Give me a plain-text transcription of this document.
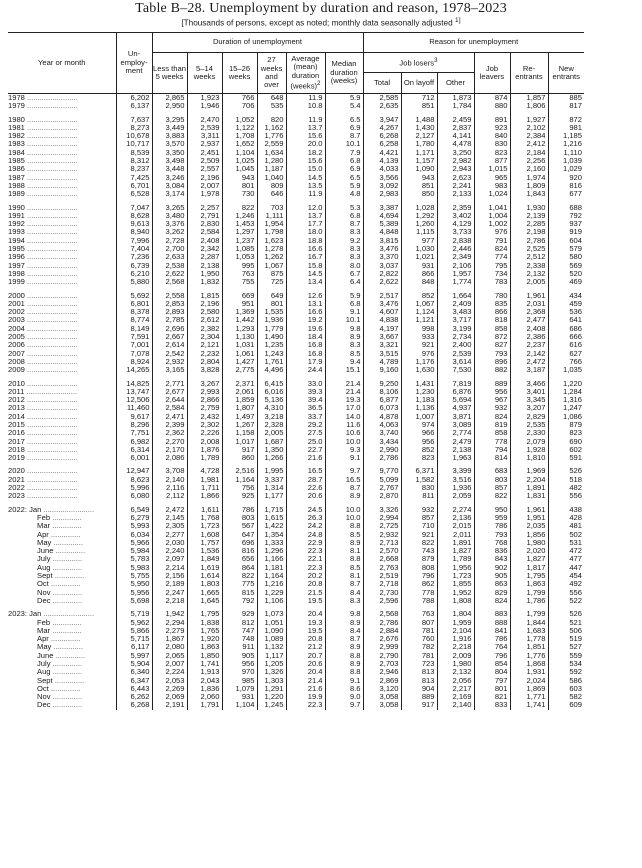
Table B–28. Unemployment by duration and reason, 1978–2023
[Thousands of persons, except as noted; monthly data seasonally adjusted $^{1]}$
Year or month	Un-employ-ment	Duration of unemployment						Reason for unemployment					
		Less than 5 weeks	5–14 weeks	15–26 weeks	27 weeks and over	Average (mean) duration (weeks)$^2$	Median duration (weeks)	Job losers$^3$			Job leavers	Re-entrants	New entrants
								Total	On layoff	Other			
1978 ........................	6,202	2,865	1,923	766	648	11.9	5.9	2,585	712	1,873	874	1,857	885
1979 ........................	6,137	2,950	1,946	706	535	10.8	5.4	2,635	851	1,784	880	1,806	817

1980 ........................	7,637	3,295	2,470	1,052	820	11.9	6.5	3,947	1,488	2,459	891	1,927	872
1981 ........................	8,273	3,449	2,539	1,122	1,162	13.7	6.9	4,267	1,430	2,837	923	2,102	981
1982 ........................	10,678	3,883	3,311	1,708	1,776	15.6	8.7	6,268	2,127	4,141	840	2,384	1,185
1983 ........................	10,717	3,570	2,937	1,652	2,559	20.0	10.1	6,258	1,780	4,478	830	2,412	1,216
1984 ........................	8,539	3,350	2,451	1,104	1,634	18.2	7.9	4,421	1,171	3,250	823	2,184	1,110
1985 ........................	8,312	3,498	2,509	1,025	1,280	15.6	6.8	4,139	1,157	2,982	877	2,256	1,039
1986 ........................	8,237	3,448	2,557	1,045	1,187	15.0	6.9	4,033	1,090	2,943	1,015	2,160	1,029
1987 ........................	7,425	3,246	2,196	943	1,040	14.5	6.5	3,566	943	2,623	965	1,974	920
1988 ........................	6,701	3,084	2,007	801	809	13.5	5.9	3,092	851	2,241	983	1,809	816
1989 ........................	6,528	3,174	1,978	730	646	11.9	4.8	2,983	850	2,133	1,024	1,843	677

1990 ........................	7,047	3,265	2,257	822	703	12.0	5.3	3,387	1,028	2,359	1,041	1,930	688
1991 ........................	8,628	3,480	2,791	1,246	1,111	13.7	6.8	4,694	1,292	3,402	1,004	2,139	792
1992 ........................	9,613	3,376	2,830	1,453	1,954	17.7	8.7	5,389	1,260	4,129	1,002	2,285	937
1993 ........................	8,940	3,262	2,584	1,297	1,798	18.0	8.3	4,848	1,115	3,733	976	2,198	919
1994 ........................	7,996	2,728	2,408	1,237	1,623	18.8	9.2	3,815	977	2,838	791	2,786	604
1995 ........................	7,404	2,700	2,342	1,085	1,278	16.6	8.3	3,476	1,030	2,446	824	2,525	579
1996 ........................	7,236	2,633	2,287	1,053	1,262	16.7	8.3	3,370	1,021	2,349	774	2,512	580
1997 ........................	6,739	2,538	2,138	995	1,067	15.8	8.0	3,037	931	2,106	795	2,338	569
1998 ........................	6,210	2,622	1,950	763	875	14.5	6.7	2,822	866	1,957	734	2,132	520
1999 ........................	5,880	2,568	1,832	755	725	13.4	6.4	2,622	848	1,774	783	2,005	469

2000 ........................	5,692	2,558	1,815	669	649	12.6	5.9	2,517	852	1,664	780	1,961	434
2001 ........................	6,801	2,853	2,196	951	801	13.1	6.8	3,476	1,067	2,409	835	2,031	459
2002 ........................	8,378	2,893	2,580	1,369	1,535	16.6	9.1	4,607	1,124	3,483	866	2,368	536
2003 ........................	8,774	2,785	2,612	1,442	1,936	19.2	10.1	4,838	1,121	3,717	818	2,477	641
2004 ........................	8,149	2,696	2,382	1,293	1,779	19.6	9.8	4,197	998	3,199	858	2,408	686
2005 ........................	7,591	2,667	2,304	1,130	1,490	18.4	8.9	3,667	933	2,734	872	2,386	666
2006 ........................	7,001	2,614	2,121	1,031	1,235	16.8	8.3	3,321	921	2,400	827	2,237	616
2007 ........................	7,078	2,542	2,232	1,061	1,243	16.8	8.5	3,515	976	2,539	793	2,142	627
2008 ........................	8,924	2,932	2,804	1,427	1,761	17.9	9.4	4,789	1,176	3,614	896	2,472	766
2009 ........................	14,265	3,165	3,828	2,775	4,496	24.4	15.1	9,160	1,630	7,530	882	3,187	1,035

2010 ........................	14,825	2,771	3,267	2,371	6,415	33.0	21.4	9,250	1,431	7,819	889	3,466	1,220
2011 ........................	13,747	2,677	2,993	2,061	6,016	39.3	21.4	8,106	1,230	6,876	956	3,401	1,284
2012 ........................	12,506	2,644	2,866	1,859	5,136	39.4	19.3	6,877	1,183	5,694	967	3,345	1,316
2013 ........................	11,460	2,584	2,759	1,807	4,310	36.5	17.0	6,073	1,136	4,937	932	3,207	1,247
2014 ........................	9,617	2,471	2,432	1,497	3,218	33.7	14.0	4,878	1,007	3,871	824	2,829	1,086
2015 ........................	8,296	2,399	2,302	1,267	2,328	29.2	11.6	4,063	974	3,089	819	2,535	879
2016 ........................	7,751	2,362	2,226	1,158	2,005	27.5	10.6	3,740	966	2,774	858	2,330	823
2017 ........................	6,982	2,270	2,008	1,017	1,687	25.0	10.0	3,434	956	2,479	778	2,079	690
2018 ........................	6,314	2,170	1,876	917	1,350	22.7	9.3	2,990	852	2,138	794	1,928	602
2019 ........................	6,001	2,086	1,789	860	1,266	21.6	9.1	2,786	823	1,963	814	1,810	591

2020 ........................	12,947	3,708	4,728	2,516	1,995	16.5	9.7	9,770	6,371	3,399	683	1,969	526
2021 ........................	8,623	2,140	1,981	1,164	3,337	28.7	16.5	5,099	1,582	3,516	803	2,204	518
2022 ........................	5,996	2,116	1,711	756	1,314	22.6	8.7	2,767	830	1,936	857	1,891	482
2023 ........................	6,080	2,112	1,866	925	1,177	20.6	8.9	2,870	811	2,059	822	1,831	556

2022: Jan ........................	6,549	2,472	1,611	786	1,715	24.5	10.0	3,326	932	2,274	950	1,961	438
Feb ..............	6,279	2,145	1,768	803	1,615	26.3	10.0	2,994	857	2,136	959	1,951	428
Mar ..............	5,993	2,305	1,723	567	1,422	24.2	8.8	2,725	710	2,015	786	2,035	481
Apr ..............	6,034	2,277	1,608	647	1,354	24.8	8.5	2,932	921	2,011	793	1,856	502
May ..............	5,966	2,030	1,757	696	1,333	22.9	8.9	2,713	822	1,891	768	1,980	531
June ..............	5,984	2,240	1,536	816	1,296	22.3	8.1	2,570	743	1,827	836	2,020	472
July ..............	5,783	2,097	1,849	656	1,166	22.1	8.8	2,668	879	1,789	843	1,827	477
Aug ..............	5,983	2,214	1,619	864	1,181	22.3	8.5	2,763	808	1,956	902	1,817	447
Sept ..............	5,755	2,156	1,614	822	1,164	20.2	8.1	2,519	796	1,723	905	1,795	454
Oct ..............	5,950	2,189	1,803	775	1,216	20.8	8.7	2,718	862	1,855	863	1,863	492
Nov ..............	5,956	2,247	1,665	815	1,229	21.5	8.4	2,730	778	1,952	829	1,799	556
Dec ..............	5,698	2,218	1,645	792	1,106	19.5	8.3	2,596	788	1,808	824	1,786	522

2023: Jan ........................	5,719	1,942	1,795	929	1,073	20.4	9.8	2,568	763	1,804	883	1,799	526
Feb ..............	5,962	2,294	1,838	812	1,051	19.3	8.9	2,786	807	1,959	888	1,844	521
Mar ..............	5,866	2,279	1,765	747	1,090	19.5	8.4	2,884	781	2,104	841	1,683	506
Apr ..............	5,715	1,867	1,920	748	1,089	20.8	8.7	2,676	760	1,916	786	1,778	519
May ..............	6,117	2,080	1,863	911	1,132	21.2	8.9	2,999	782	2,218	764	1,851	527
June ..............	5,997	2,065	1,850	905	1,117	20.7	8.8	2,790	781	2,009	796	1,776	559
July ..............	5,904	2,007	1,741	956	1,205	20.6	8.9	2,703	723	1,980	854	1,868	534
Aug ..............	6,340	2,224	1,913	970	1,326	20.4	8.8	2,946	813	2,132	804	1,931	592
Sept ..............	6,347	2,053	2,043	985	1,303	21.4	9.1	2,869	813	2,056	797	2,024	586
Oct ..............	6,443	2,269	1,836	1,079	1,291	21.6	8.6	3,120	904	2,217	801	1,869	603
Nov ..............	6,262	2,069	2,060	931	1,220	19.9	9.0	3,058	889	2,169	821	1,771	582
Dec ..............	6,268	2,191	1,791	1,104	1,245	22.3	9.7	3,058	917	2,140	833	1,741	609
